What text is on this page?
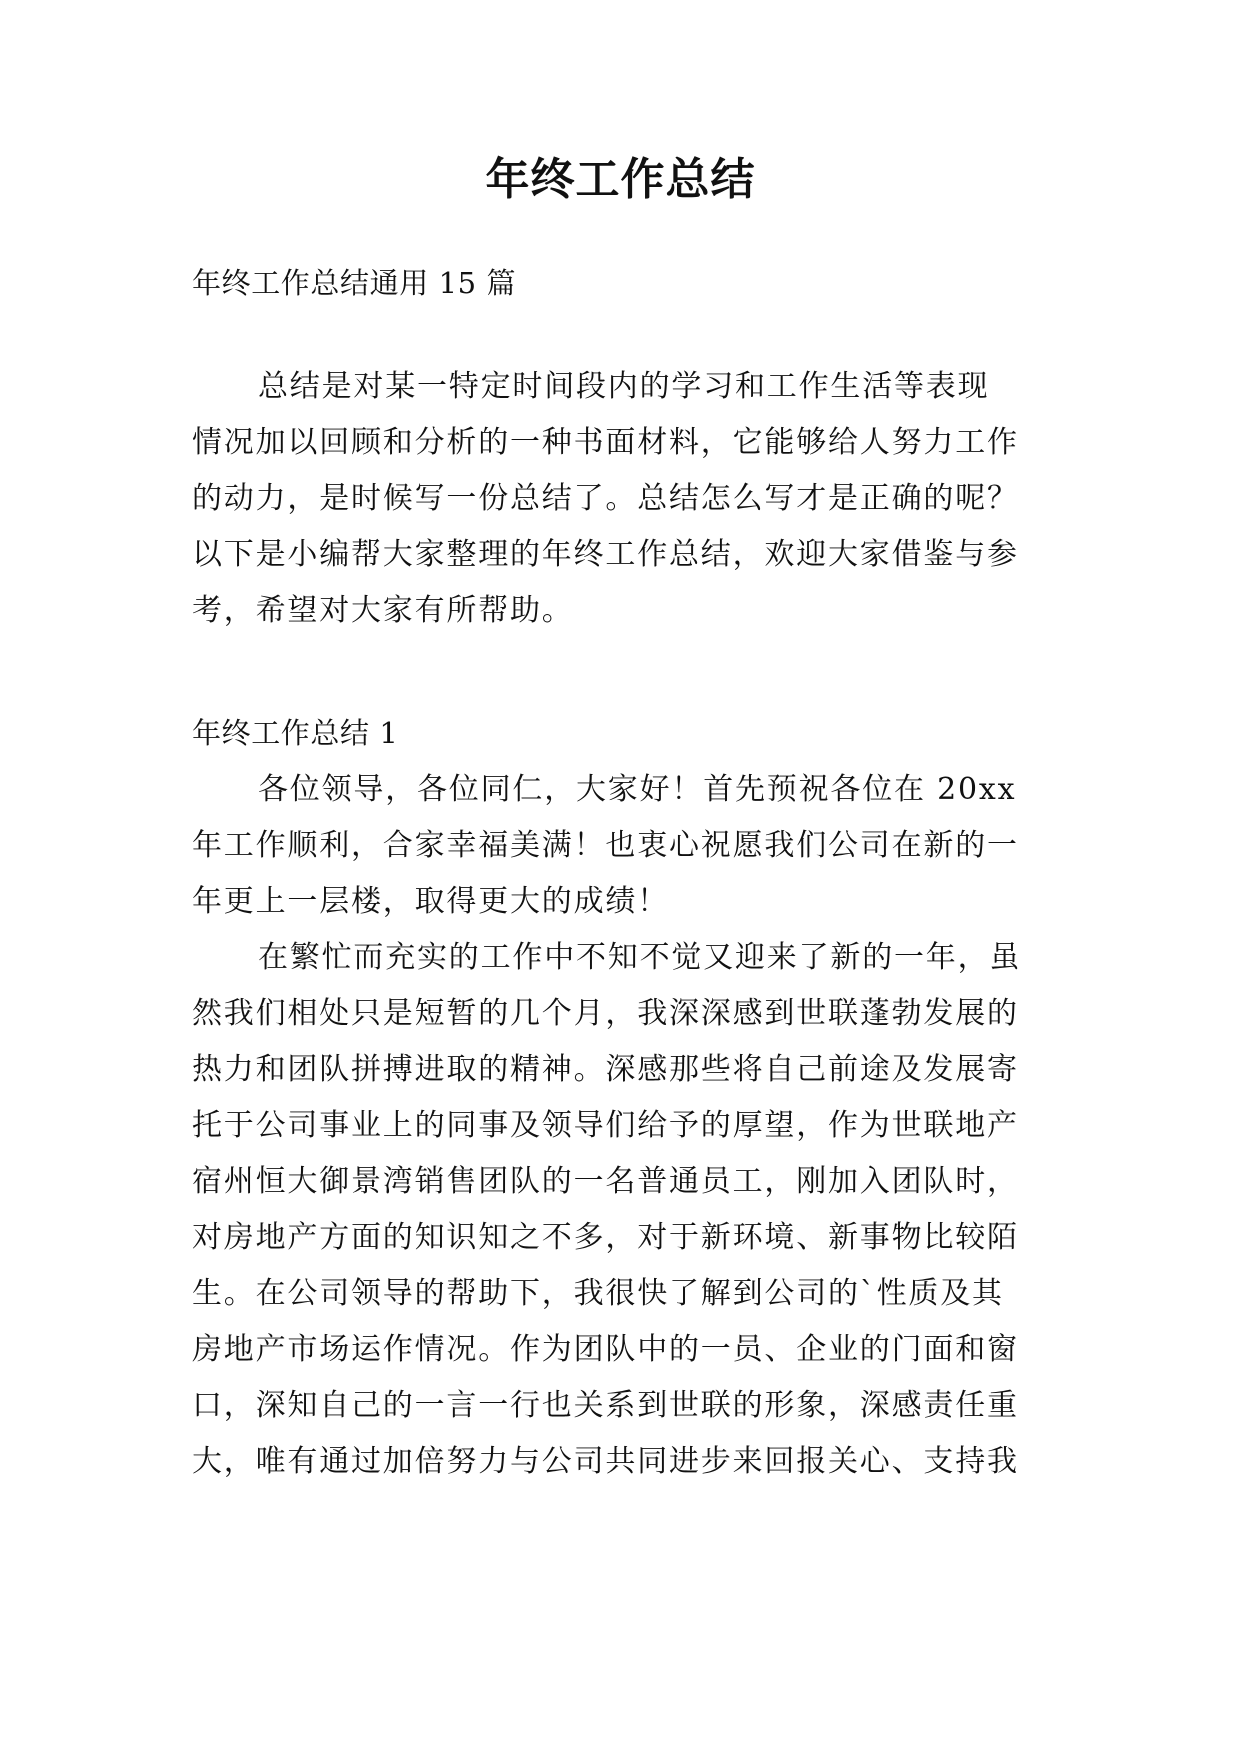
年终工作总结
年终工作总结通用 15 篇
总结是对某一特定时间段内的学习和工作生活等表现
情况加以回顾和分析的一种书面材料，它能够给人努力工作
的动力，是时候写一份总结了。总结怎么写才是正确的呢？
以下是小编帮大家整理的年终工作总结，欢迎大家借鉴与参
考，希望对大家有所帮助。
年终工作总结 1
各位领导，各位同仁，大家好！首先预祝各位在 20xx
年工作顺利，合家幸福美满！也衷心祝愿我们公司在新的一
年更上一层楼，取得更大的成绩！
在繁忙而充实的工作中不知不觉又迎来了新的一年，虽
然我们相处只是短暂的几个月，我深深感到世联蓬勃发展的
热力和团队拼搏进取的精神。深感那些将自己前途及发展寄
托于公司事业上的同事及领导们给予的厚望，作为世联地产
宿州恒大御景湾销售团队的一名普通员工，刚加入团队时，
对房地产方面的知识知之不多，对于新环境、新事物比较陌
生。在公司领导的帮助下，我很快了解到公司的`性质及其
房地产市场运作情况。作为团队中的一员、企业的门面和窗
口，深知自己的一言一行也关系到世联的形象，深感责任重
大，唯有通过加倍努力与公司共同进步来回报关心、支持我
